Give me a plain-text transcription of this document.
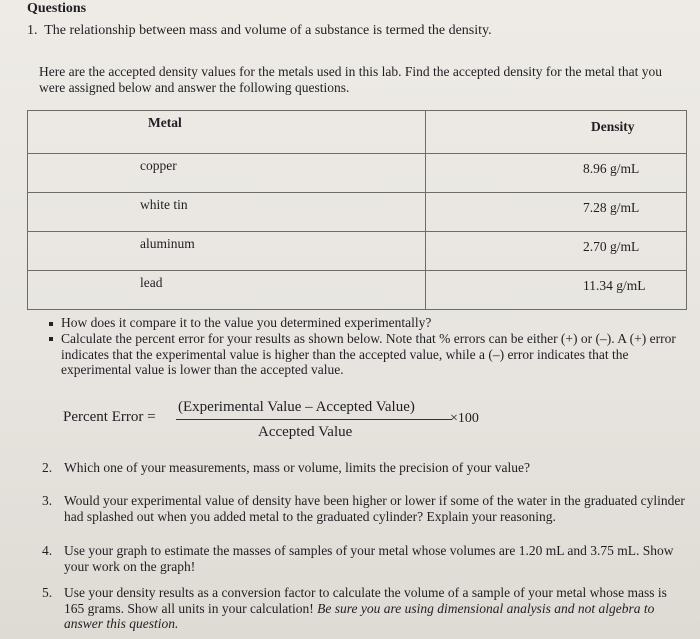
Questions
1. The relationship between mass and volume of a substance is termed the density.
Here are the accepted density values for the metals used in this lab. Find the accepted density for the metal that you were assigned below and answer the following questions.
Metal	Density
copper	8.96 g/mL
white tin	7.28 g/mL
aluminum	2.70 g/mL
lead	11.34 g/mL
How does it compare it to the value you determined experimentally?
Calculate the percent error for your results as shown below. Note that % errors can be either (+) or (–). A (+) error indicates that the experimental value is higher than the accepted value, while a (–) error indicates that the experimental value is lower than the accepted value.
Percent Error =
(Experimental Value – Accepted Value)
Accepted Value
×100
2. Which one of your measurements, mass or volume, limits the precision of your value?
3. Would your experimental value of density have been higher or lower if some of the water in the graduated cylinder had splashed out when you added metal to the graduated cylinder? Explain your reasoning.
4. Use your graph to estimate the masses of samples of your metal whose volumes are 1.20 mL and 3.75 mL. Show your work on the graph!
5. Use your density results as a conversion factor to calculate the volume of a sample of your metal whose mass is 165 grams. Show all units in your calculation! Be sure you are using dimensional analysis and not algebra to answer this question.
